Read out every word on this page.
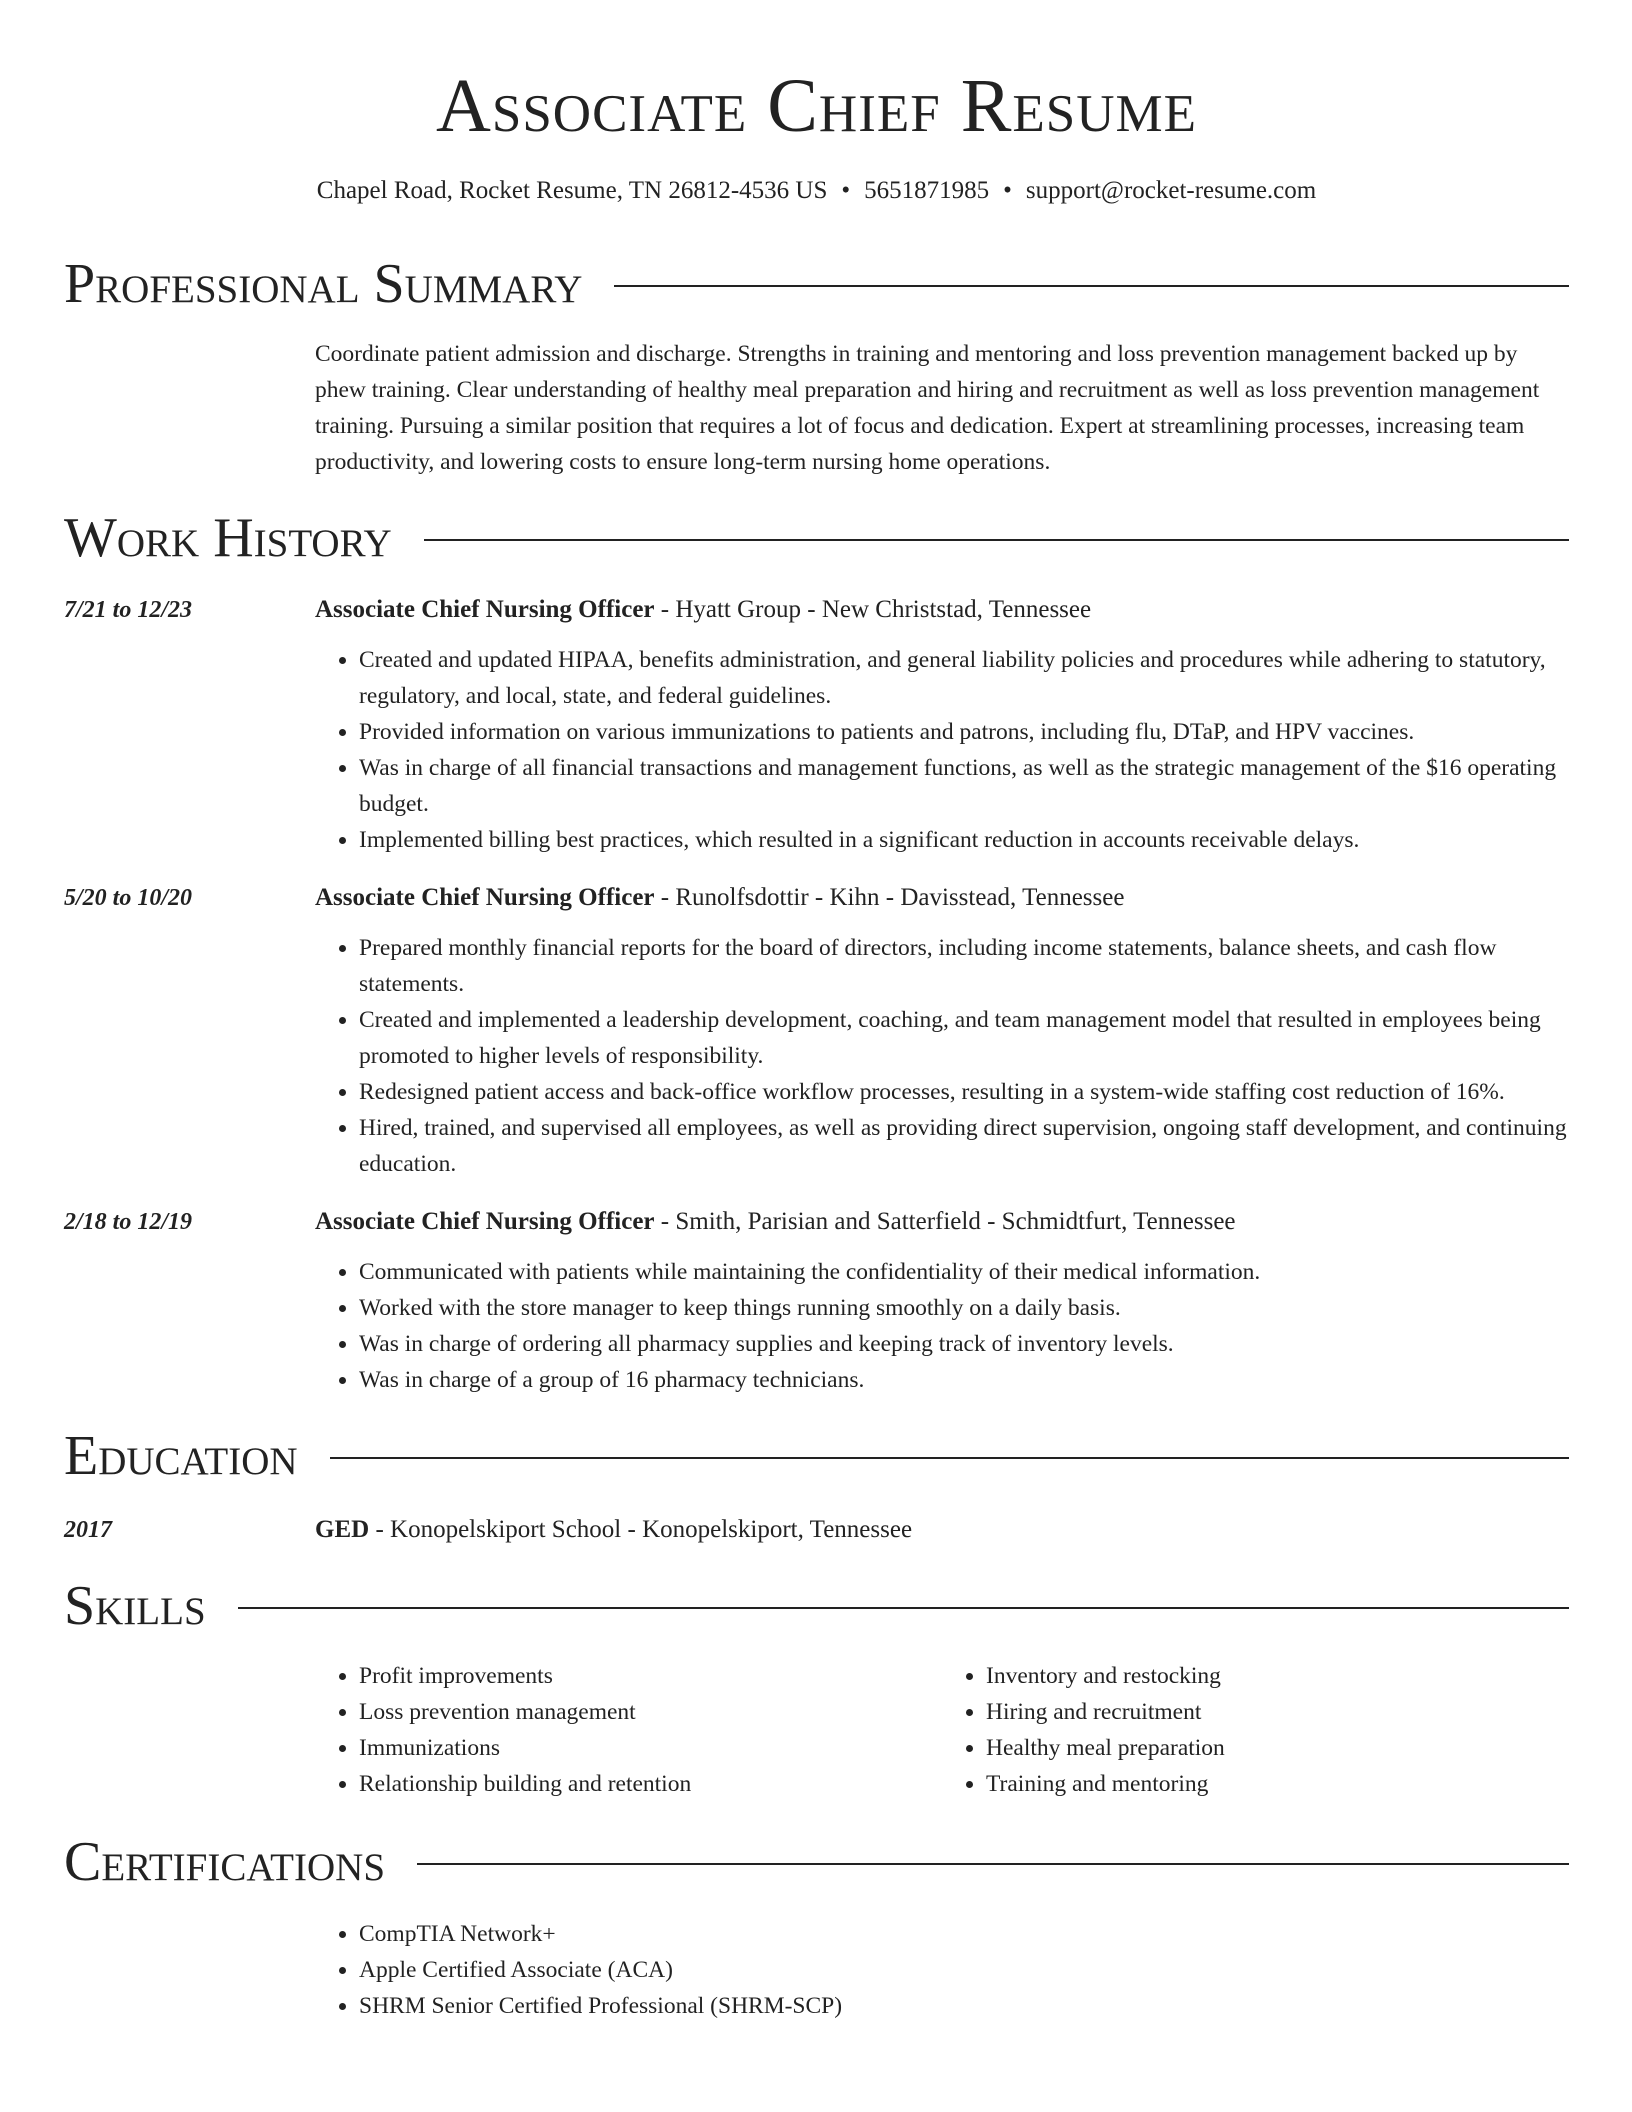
Associate Chief Resume
Chapel Road, Rocket Resume, TN 26812-4536 US • 5651871985 • support@rocket-resume.com
Professional Summary
Coordinate patient admission and discharge. Strengths in training and mentoring and loss prevention management backed up by phew training. Clear understanding of healthy meal preparation and hiring and recruitment as well as loss prevention management training. Pursuing a similar position that requires a lot of focus and dedication. Expert at streamlining processes, increasing team productivity, and lowering costs to ensure long-term nursing home operations.
Work History
7/21 to 12/23	Associate Chief Nursing Officer - Hyatt Group - New Christstad, Tennessee
• Created and updated HIPAA, benefits administration, and general liability policies and procedures while adhering to statutory, regulatory, and local, state, and federal guidelines.
• Provided information on various immunizations to patients and patrons, including flu, DTaP, and HPV vaccines.
• Was in charge of all financial transactions and management functions, as well as the strategic management of the $16 operating budget.
• Implemented billing best practices, which resulted in a significant reduction in accounts receivable delays.
5/20 to 10/20	Associate Chief Nursing Officer - Runolfsdottir - Kihn - Davisstead, Tennessee
• Prepared monthly financial reports for the board of directors, including income statements, balance sheets, and cash flow statements.
• Created and implemented a leadership development, coaching, and team management model that resulted in employees being promoted to higher levels of responsibility.
• Redesigned patient access and back-office workflow processes, resulting in a system-wide staffing cost reduction of 16%.
• Hired, trained, and supervised all employees, as well as providing direct supervision, ongoing staff development, and continuing education.
2/18 to 12/19	Associate Chief Nursing Officer - Smith, Parisian and Satterfield - Schmidtfurt, Tennessee
• Communicated with patients while maintaining the confidentiality of their medical information.
• Worked with the store manager to keep things running smoothly on a daily basis.
• Was in charge of ordering all pharmacy supplies and keeping track of inventory levels.
• Was in charge of a group of 16 pharmacy technicians.
Education
2017	GED - Konopelskiport School - Konopelskiport, Tennessee
Skills
• Profit improvements
• Loss prevention management
• Immunizations
• Relationship building and retention
• Inventory and restocking
• Hiring and recruitment
• Healthy meal preparation
• Training and mentoring
Certifications
• CompTIA Network+
• Apple Certified Associate (ACA)
• SHRM Senior Certified Professional (SHRM-SCP)
